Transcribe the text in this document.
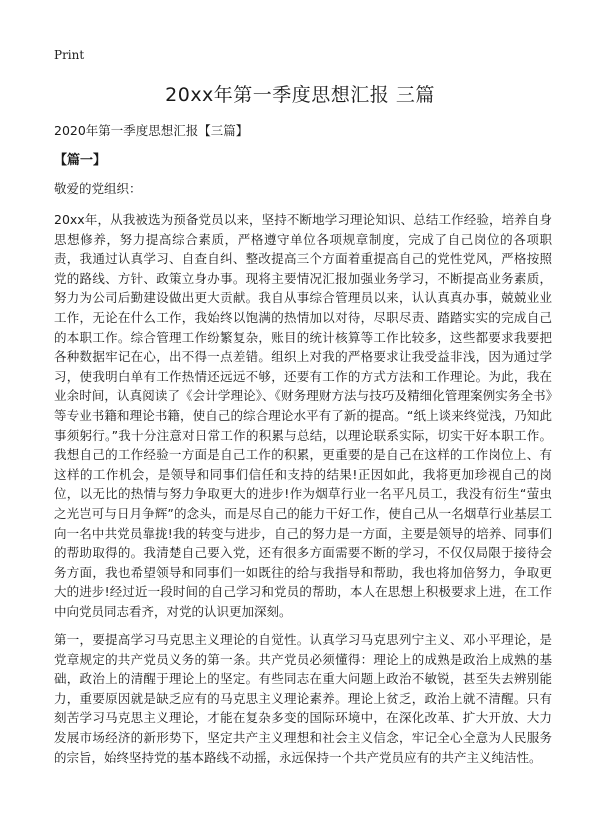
Print
20xx年第一季度思想汇报 三篇

2020年第一季度思想汇报【三篇】

【篇一】

敬爱的党组织：

20xx年，从我被选为预备党员以来，坚持不断地学习理论知识、总结工作经验，培养自身思想修养，努力提高综合素质，严格遵守单位各项规章制度，完成了自己岗位的各项职责，我通过认真学习、自查自纠、整改提高三个方面着重提高自己的党性党风，严格按照党的路线、方针、政策立身办事。现将主要情况汇报加强业务学习，不断提高业务素质，努力为公司后勤建设做出更大贡献。我自从事综合管理员以来，认认真真办事，兢兢业业工作，无论在什么工作，我始终以饱满的热情加以对待，尽职尽责、踏踏实实的完成自己的本职工作。综合管理工作纷繁复杂，账目的统计核算等工作比较多，这些都要求我要把各种数据牢记在心，出不得一点差错。组织上对我的严格要求让我受益非浅，因为通过学习，使我明白单有工作热情还远远不够，还要有工作的方式方法和工作理论。为此，我在业余时间，认真阅读了《会计学理论》、《财务理财方法与技巧及精细化管理案例实务全书》等专业书籍和理论书籍，使自己的综合理论水平有了新的提高。“纸上谈来终觉浅，乃知此事须躬行。”我十分注意对日常工作的积累与总结，以理论联系实际，切实干好本职工作。我想自己的工作经验一方面是自己工作的积累，更重要的是自己在这样的工作岗位上、有这样的工作机会，是领导和同事们信任和支持的结果!正因如此，我将更加珍视自己的岗位，以无比的热情与努力争取更大的进步!作为烟草行业一名平凡员工，我没有衍生“萤虫之光岂可与日月争辉”的念头，而是尽自己的能力干好工作，使自己从一名烟草行业基层工向一名中共党员靠拢!我的转变与进步，自己的努力是一方面，主要是领导的培养、同事们的帮助取得的。我清楚自己要入党，还有很多方面需要不断的学习，不仅仅局限于接待会务方面，我也希望领导和同事们一如既往的给与我指导和帮助，我也将加倍努力，争取更大的进步!经过近一段时间的自己学习和党员的帮助，本人在思想上积极要求上进，在工作中向党员同志看齐，对党的认识更加深刻。

第一，要提高学习马克思主义理论的自觉性。认真学习马克思列宁主义、邓小平理论，是党章规定的共产党员义务的第一条。共产党员必须懂得：理论上的成熟是政治上成熟的基础，政治上的清醒于理论上的坚定。有些同志在重大问题上政治不敏锐，甚至失去辨别能力，重要原因就是缺乏应有的马克思主义理论素养。理论上贫乏，政治上就不清醒。只有刻苦学习马克思主义理论，才能在复杂多变的国际环境中，在深化改革、扩大开放、大力发展市场经济的新形势下，坚定共产主义理想和社会主义信念，牢记全心全意为人民服务的宗旨，始终坚持党的基本路线不动摇，永远保持一个共产党员应有的共产主义纯洁性。
